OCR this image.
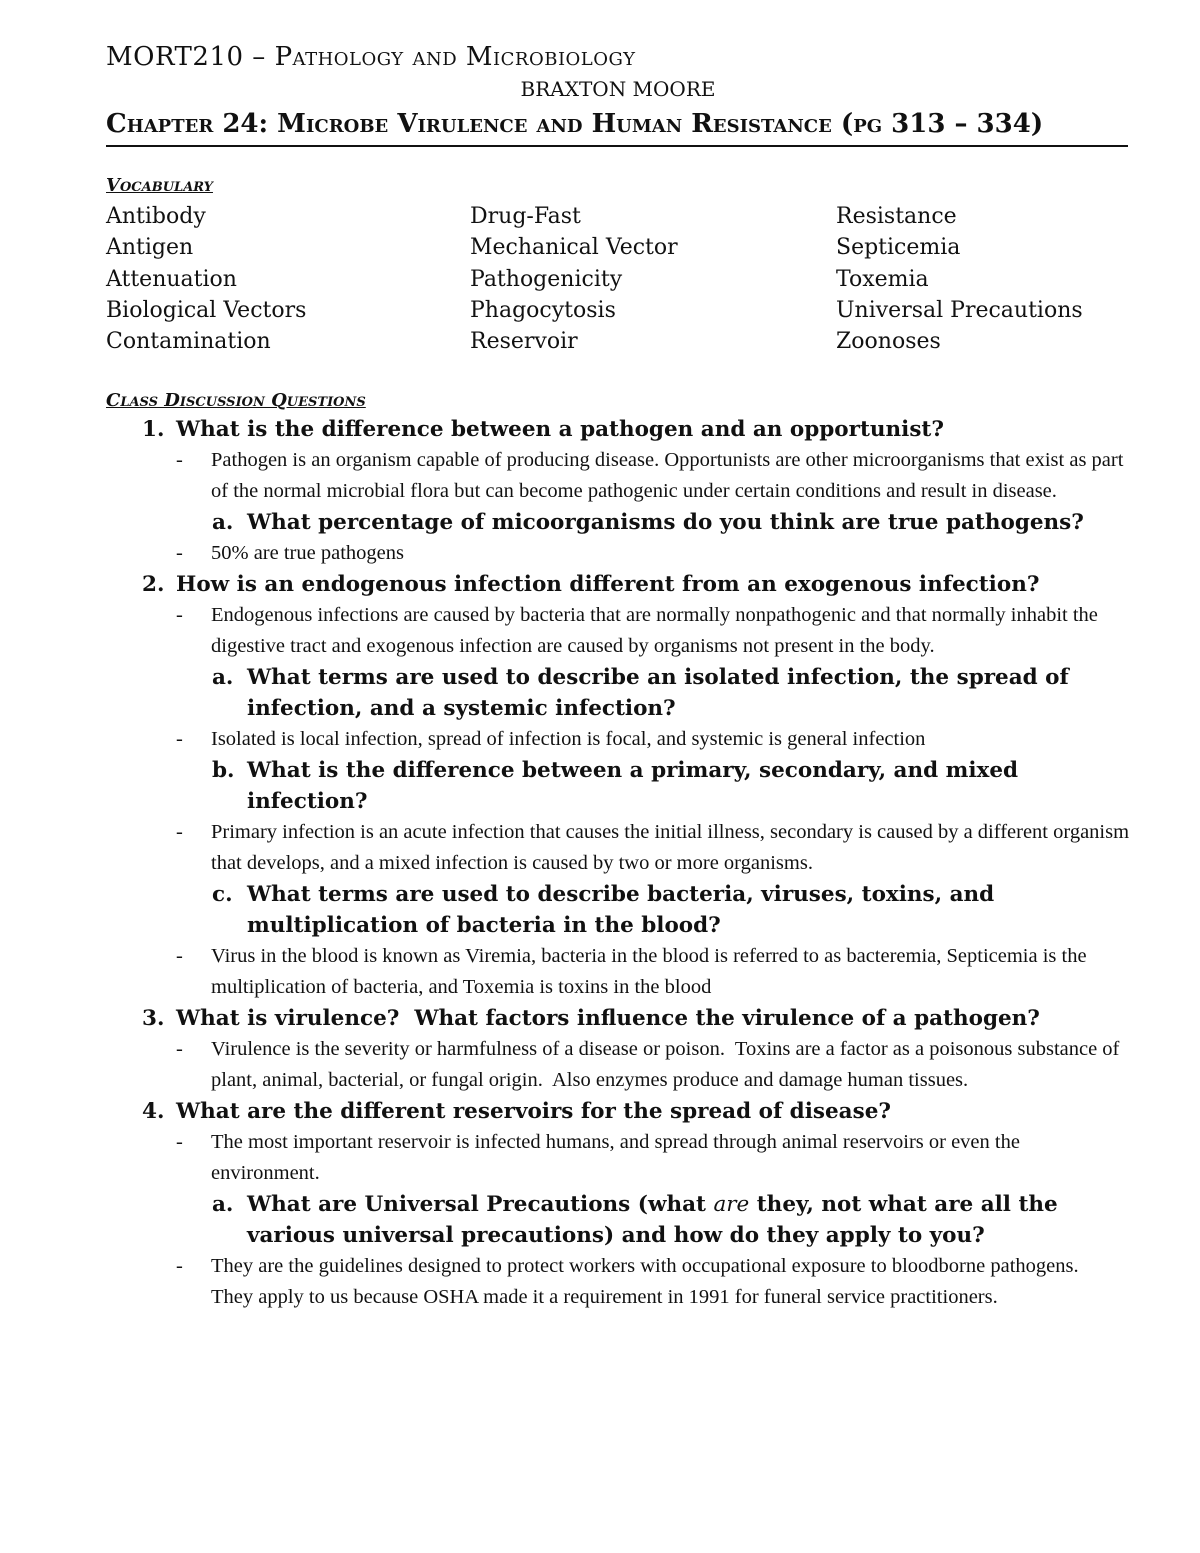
MORT210 – Pathology and Microbiology

BRAXTON MOORE

Chapter 24: Microbe Virulence and Human Resistance (pg 313 – 334)
Vocabulary
Antibody
Antigen
Attenuation
Biological Vectors
Contamination
Drug-Fast
Mechanical Vector
Pathogenicity
Phagocytosis
Reservoir
Resistance
Septicemia
Toxemia
Universal Precautions
Zoonoses
Class Discussion Questions
1. What is the difference between a pathogen and an opportunist?
- Pathogen is an organism capable of producing disease. Opportunists are other microorganisms that exist as part of the normal microbial flora but can become pathogenic under certain conditions and result in disease.
a. What percentage of micoorganisms do you think are true pathogens?
- 50% are true pathogens
2. How is an endogenous infection different from an exogenous infection?
- Endogenous infections are caused by bacteria that are normally nonpathogenic and that normally inhabit the digestive tract and exogenous infection are caused by organisms not present in the body.
a. What terms are used to describe an isolated infection, the spread of infection, and a systemic infection?
- Isolated is local infection, spread of infection is focal, and systemic is general infection
b. What is the difference between a primary, secondary, and mixed infection?
- Primary infection is an acute infection that causes the initial illness, secondary is caused by a different organism that develops, and a mixed infection is caused by two or more organisms.
c. What terms are used to describe bacteria, viruses, toxins, and multiplication of bacteria in the blood?
- Virus in the blood is known as Viremia, bacteria in the blood is referred to as bacteremia, Septicemia is the multiplication of bacteria, and Toxemia is toxins in the blood
3. What is virulence?  What factors influence the virulence of a pathogen?
- Virulence is the severity or harmfulness of a disease or poison.  Toxins are a factor as a poisonous substance of plant, animal, bacterial, or fungal origin.  Also enzymes produce and damage human tissues.
4. What are the different reservoirs for the spread of disease?
- The most important reservoir is infected humans, and spread through animal reservoirs or even the environment.
a. What are Universal Precautions (what are they, not what are all the various universal precautions) and how do they apply to you?
- They are the guidelines designed to protect workers with occupational exposure to bloodborne pathogens.  They apply to us because OSHA made it a requirement in 1991 for funeral service practitioners.
